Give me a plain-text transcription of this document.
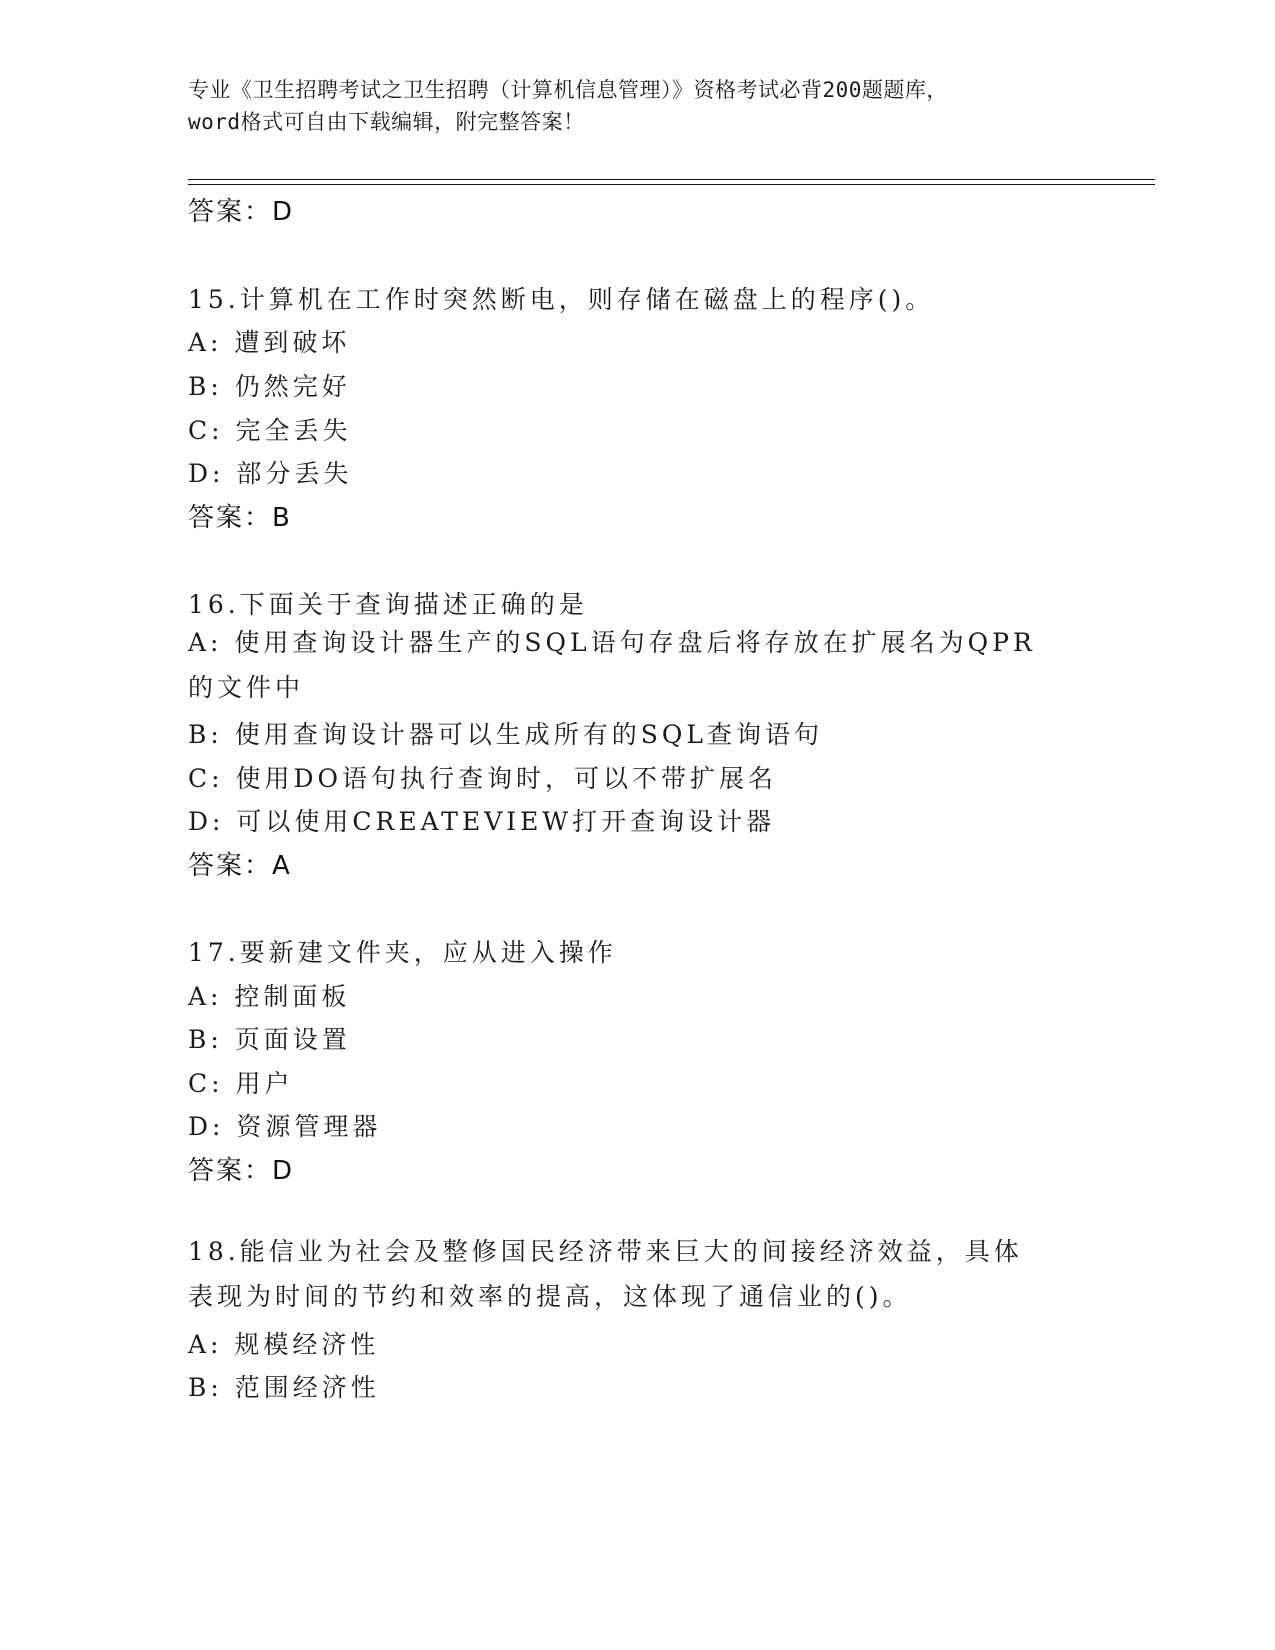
专业《卫生招聘考试之卫生招聘（计算机信息管理）》资格考试必背200题题库，
word格式可自由下载编辑，附完整答案！
答案：D
15.计算机在工作时突然断电，则存储在磁盘上的程序()。
A: 遭到破坏
B: 仍然完好
C: 完全丢失
D: 部分丢失
答案：B
16.下面关于查询描述正确的是
A: 使用查询设计器生产的SQL语句存盘后将存放在扩展名为QPR的文件中
B: 使用查询设计器可以生成所有的SQL查询语句
C: 使用DO语句执行查询时，可以不带扩展名
D: 可以使用CREATEVIEW打开查询设计器
答案：A
17.要新建文件夹，应从进入操作
A: 控制面板
B: 页面设置
C: 用户
D: 资源管理器
答案：D
18.能信业为社会及整修国民经济带来巨大的间接经济效益，具体表现为时间的节约和效率的提高，这体现了通信业的()。
A: 规模经济性
B: 范围经济性
